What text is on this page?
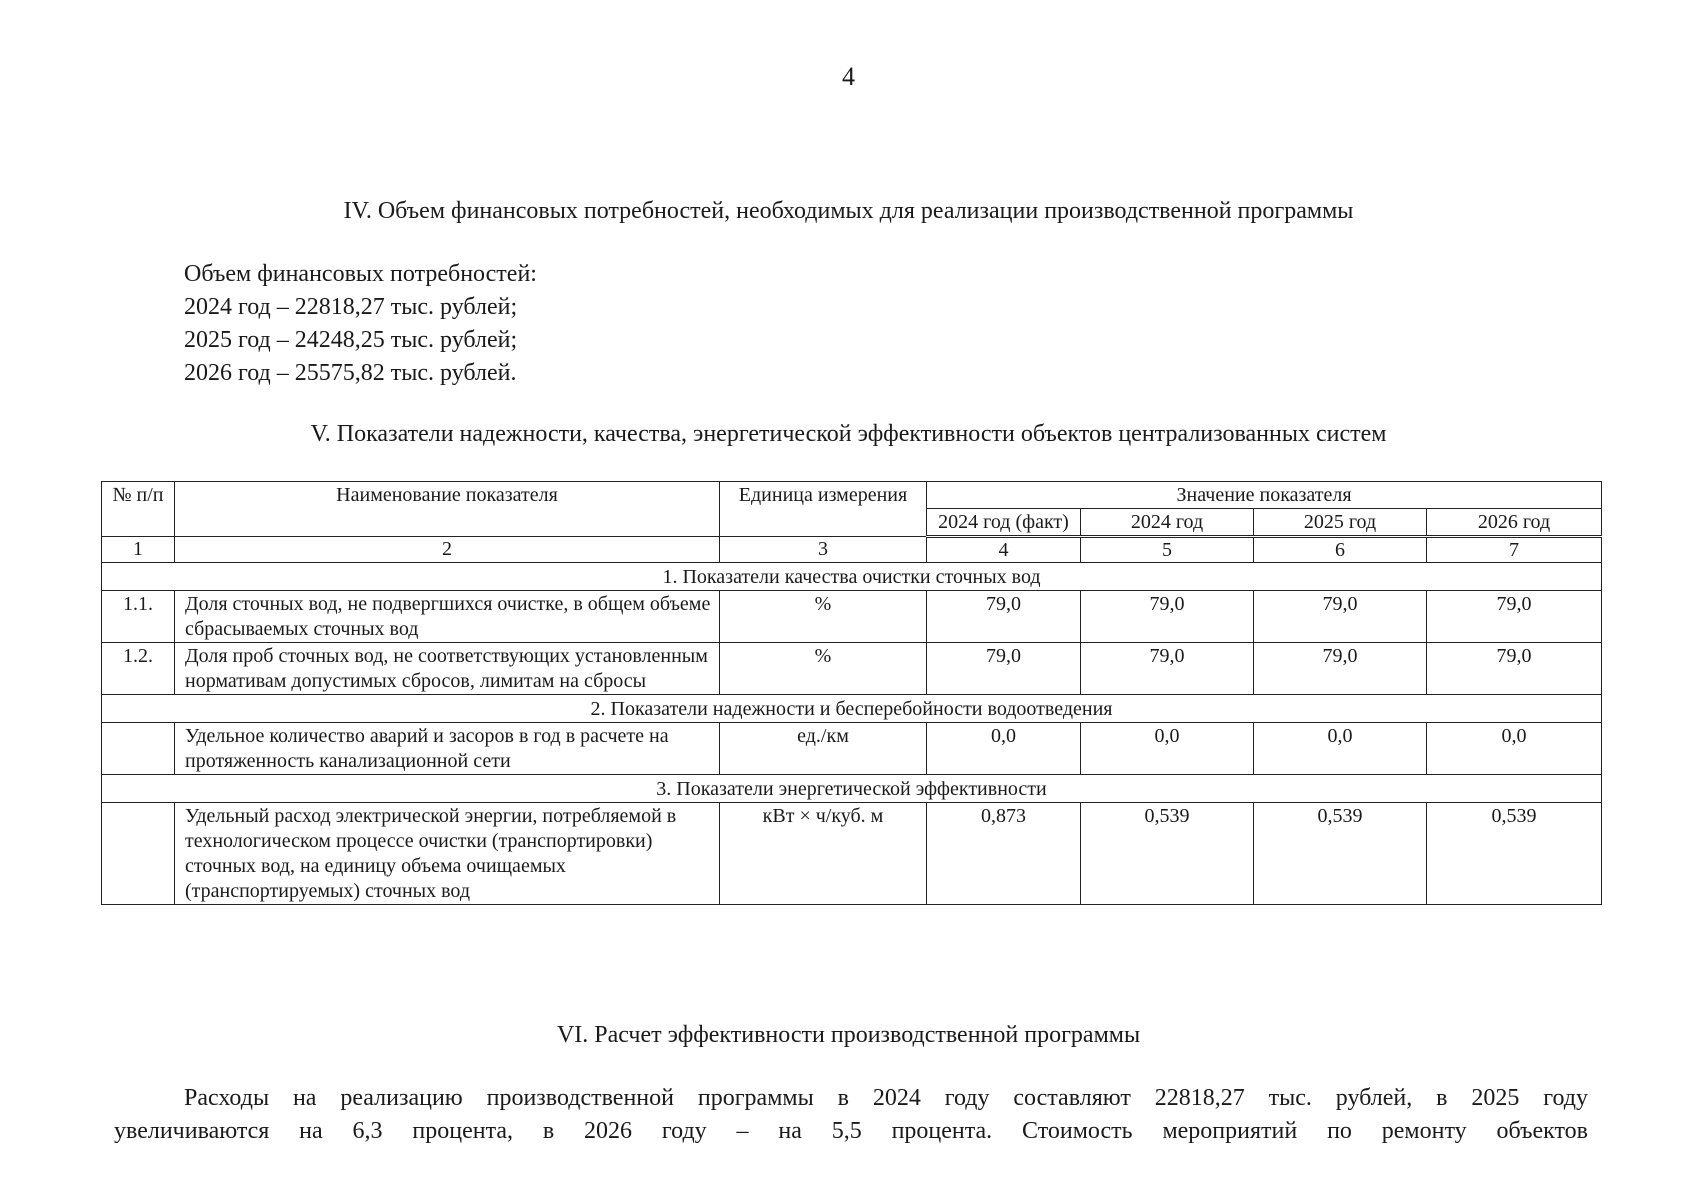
4
IV. Объем финансовых потребностей, необходимых для реализации производственной программы
Объем финансовых потребностей:
2024 год – 22818,27 тыс. рублей;
2025 год – 24248,25 тыс. рублей;
2026 год – 25575,82 тыс. рублей.
V. Показатели надежности, качества, энергетической эффективности объектов централизованных систем
№ п/п	Наименование показателя	Единица измерения	Значение показателя			
			2024 год (факт)	2024 год	2025 год	2026 год
1	2	3	4	5	6	7
1. Показатели качества очистки сточных вод						
1.1.	Доля сточных вод, не подвергшихся очистке, в общем объеме сбрасываемых сточных вод	%	79,0	79,0	79,0	79,0
1.2.	Доля проб сточных вод, не соответствующих установленным нормативам допустимых сбросов, лимитам на сбросы	%	79,0	79,0	79,0	79,0
2. Показатели надежности и бесперебойности водоотведения						
	Удельное количество аварий и засоров в год в расчете на протяженность канализационной сети	ед./км	0,0	0,0	0,0	0,0
3. Показатели энергетической эффективности						
	Удельный расход электрической энергии, потребляемой в технологическом процессе очистки (транспортировки) сточных вод, на единицу объема очищаемых (транспортируемых) сточных вод	кВт × ч/куб. м	0,873	0,539	0,539	0,539
VI. Расчет эффективности производственной программы
Расходы на реализацию производственной программы в 2024 году составляют 22818,27 тыс. рублей, в 2025 году
увеличиваются на 6,3 процента, в 2026 году – на 5,5 процента. Стоимость мероприятий по ремонту объектов
